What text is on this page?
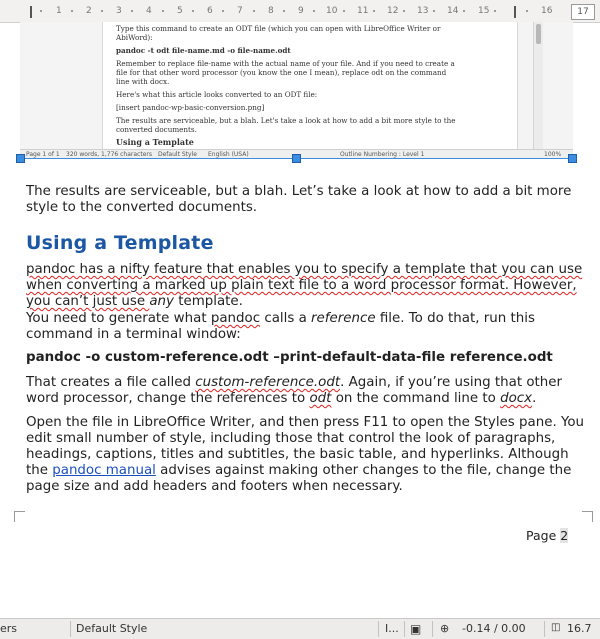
1	2	3	4	5	6	7	8	9 10 11 12 13 14 15	16	17

Type this command to create an ODT file (which you can open with LibreOffice Writer or AbiWord):

pandoc -t odt file-name.md -o file-name.odt

Remember to replace file-name with the actual name of your file. And if you need to create a file for that other word processor (you know the one I mean), replace odt on the command line with docx.

Here's what this article looks converted to an ODT file:

[insert pandoc-wp-basic-conversion.png]

The results are serviceable, but a blah. Let's take a look at how to add a bit more style to the converted documents.

Using a Template

Page 1 of 1 320 words, 1,776 characters Default Style English (USA)	Outline Numbering : Level 1	100%

The results are serviceable, but a blah. Let’s take a look at how to add a bit more style to the converted documents.

Using a Template

pandoc has a nifty feature that enables you to specify a template that you can use when converting a marked up plain text file to a word processor format. However, you can’t just use any template.

You need to generate what pandoc calls a reference file. To do that, run this command in a terminal window:

pandoc -o custom-reference.odt –print-default-data-file reference.odt

That creates a file called custom-reference.odt. Again, if you’re using that other word processor, change the references to odt on the command line to docx.

Open the file in LibreOffice Writer, and then press F11 to open the Styles pane. You edit small number of style, including those that control the look of paragraphs, headings, captions, titles and subtitles, the basic table, and hyperlinks. Although the pandoc manual advises against making other changes to the file, change the page size and add headers and footers when necessary.

Page 2
ers	Default Style	I... ▣ ⊕ -0.14 / 0.00	◫ 16.7
